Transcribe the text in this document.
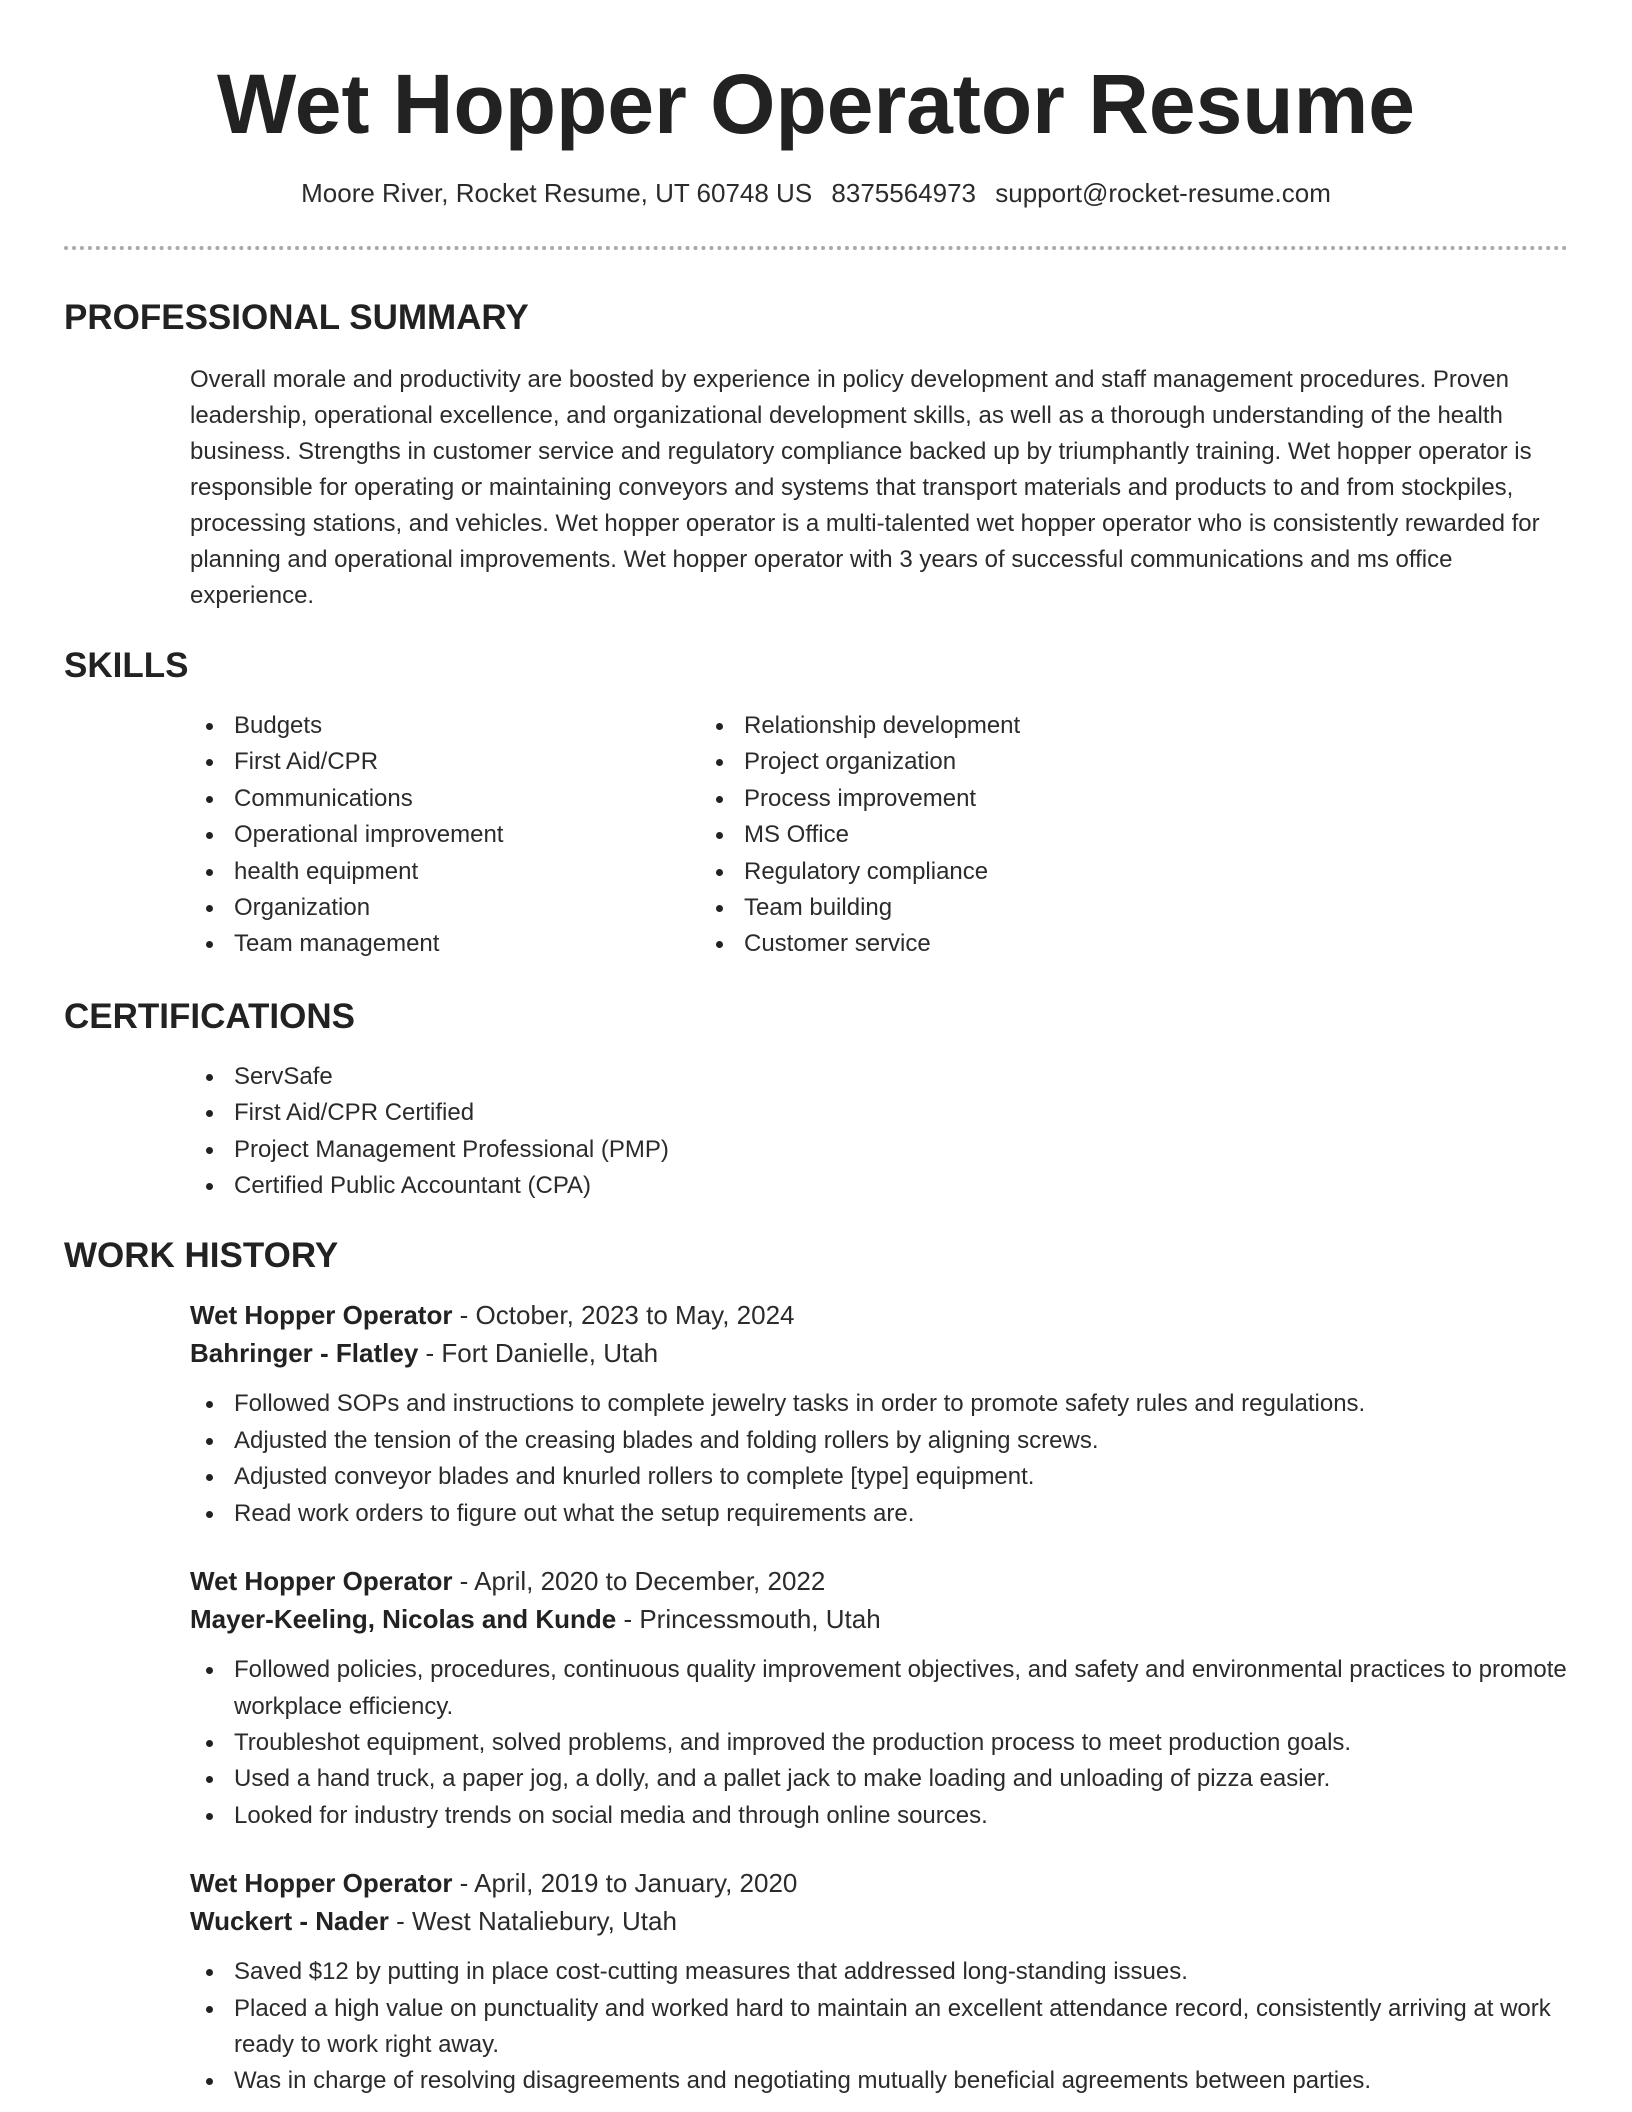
Wet Hopper Operator Resume
Moore River, Rocket Resume, UT 60748 US 8375564973 support@rocket-resume.com
PROFESSIONAL SUMMARY

Overall morale and productivity are boosted by experience in policy development and staff management procedures. Proven leadership, operational excellence, and organizational development skills, as well as a thorough understanding of the health business. Strengths in customer service and regulatory compliance backed up by triumphantly training. Wet hopper operator is responsible for operating or maintaining conveyors and systems that transport materials and products to and from stockpiles, processing stations, and vehicles. Wet hopper operator is a multi-talented wet hopper operator who is consistently rewarded for planning and operational improvements. Wet hopper operator with 3 years of successful communications and ms office experience.

SKILLS
Budgets
First Aid/CPR
Communications
Operational improvement
health equipment
Organization
Team management
Relationship development
Project organization
Process improvement
MS Office
Regulatory compliance
Team building
Customer service
CERTIFICATIONS
ServSafe
First Aid/CPR Certified
Project Management Professional (PMP)
Certified Public Accountant (CPA)
WORK HISTORY
Wet Hopper Operator - October, 2023 to May, 2024
Bahringer - Flatley - Fort Danielle, Utah
Followed SOPs and instructions to complete jewelry tasks in order to promote safety rules and regulations.
Adjusted the tension of the creasing blades and folding rollers by aligning screws.
Adjusted conveyor blades and knurled rollers to complete [type] equipment.
Read work orders to figure out what the setup requirements are.
Wet Hopper Operator - April, 2020 to December, 2022
Mayer-Keeling, Nicolas and Kunde - Princessmouth, Utah
Followed policies, procedures, continuous quality improvement objectives, and safety and environmental practices to promote workplace efficiency.
Troubleshot equipment, solved problems, and improved the production process to meet production goals.
Used a hand truck, a paper jog, a dolly, and a pallet jack to make loading and unloading of pizza easier.
Looked for industry trends on social media and through online sources.
Wet Hopper Operator - April, 2019 to January, 2020
Wuckert - Nader - West Nataliebury, Utah
Saved $12 by putting in place cost-cutting measures that addressed long-standing issues.
Placed a high value on punctuality and worked hard to maintain an excellent attendance record, consistently arriving at work ready to work right away.
Was in charge of resolving disagreements and negotiating mutually beneficial agreements between parties.
